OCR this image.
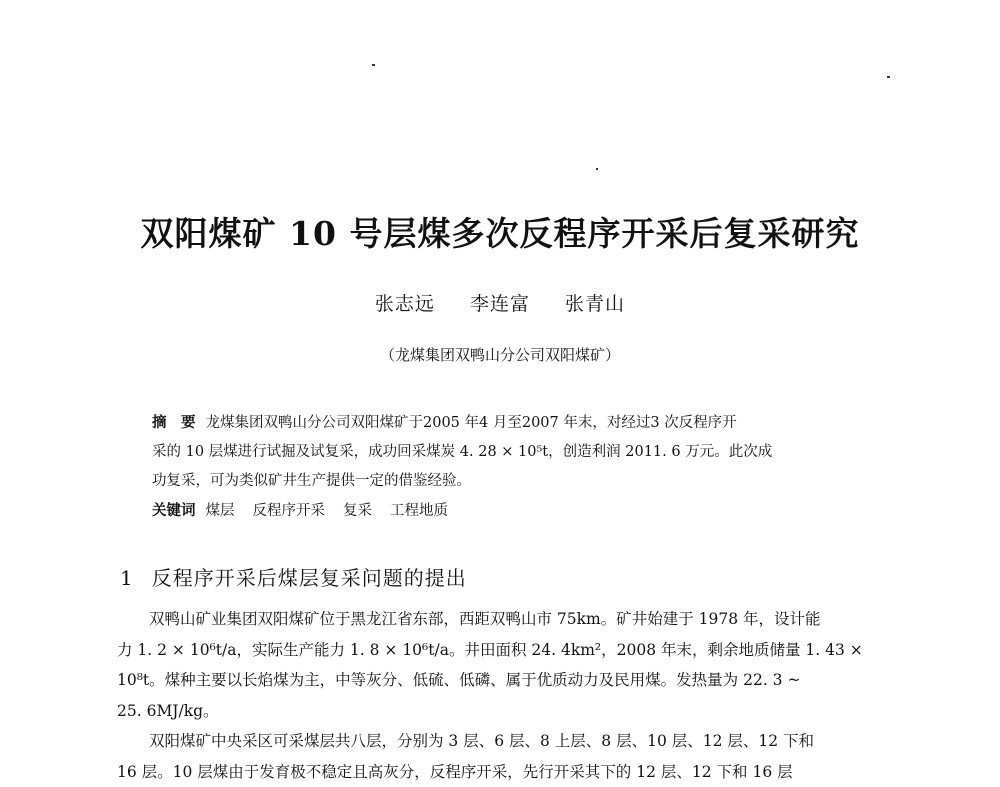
双阳煤矿 10 号层煤多次反程序开采后复采研究
张志远 李连富 张青山
（龙煤集团双鸭山分公司双阳煤矿）
摘　要 龙煤集团双鸭山分公司双阳煤矿于2005 年4 月至2007 年末，对经过3 次反程序开
采的 10 层煤进行试掘及试复采，成功回采煤炭 4. 28 × 10⁵t，创造利润 2011. 6 万元。此次成
功复采，可为类似矿井生产提供一定的借鉴经验。
关键词 煤层 反程序开采 复采 工程地质
1 反程序开采后煤层复采问题的提出
双鸭山矿业集团双阳煤矿位于黑龙江省东部，西距双鸭山市 75km。矿井始建于 1978 年，设计能
力 1. 2 × 10⁶t/a，实际生产能力 1. 8 × 10⁶t/a。井田面积 24. 4km²，2008 年末，剩余地质储量 1. 43 ×
10⁸t。煤种主要以长焰煤为主，中等灰分、低硫、低磷、属于优质动力及民用煤。发热量为 22. 3 ~
25. 6MJ/kg。
双阳煤矿中央采区可采煤层共八层，分别为 3 层、6 层、8 上层、8 层、10 层、12 层、12 下和
16 层。10 层煤由于发育极不稳定且高灰分，反程序开采，先行开采其下的 12 层、12 下和 16 层
